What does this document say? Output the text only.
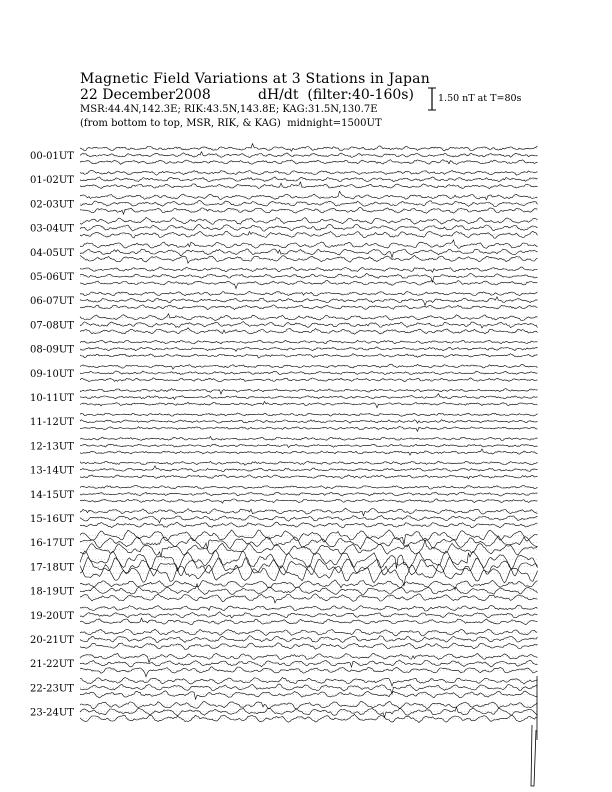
Magnetic Field Variations at 3 Stations in Japan
22 December2008	dH/dt (filter:40-160s)
MSR:44.4N,142.3E; RIK:43.5N,143.8E; KAG:31.5N,130.7E
(from bottom to top, MSR, RIK, & KAG) midnight=1500UT
1.50 nT at T=80s
00-01UT
01-02UT
02-03UT
03-04UT
04-05UT
05-06UT
06-07UT
07-08UT
08-09UT
09-10UT
10-11UT
11-12UT
12-13UT
13-14UT
14-15UT
15-16UT
16-17UT
17-18UT
18-19UT
19-20UT
20-21UT
21-22UT
22-23UT
23-24UT
